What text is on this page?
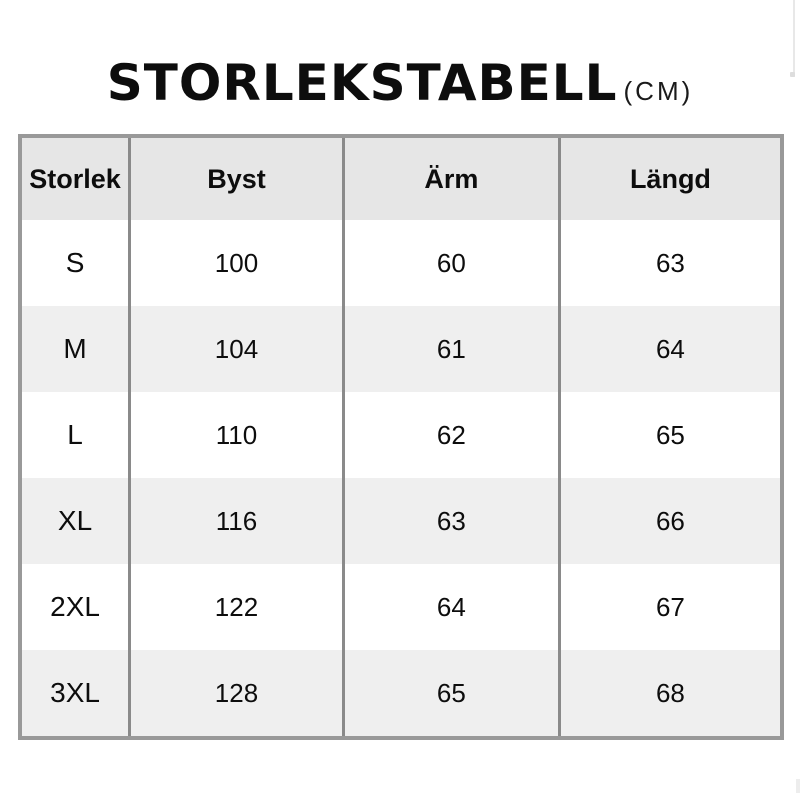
STORLEKSTABELL (CM)
Storlek	Byst	Ärm	Längd
S	100	60	63
M	104	61	64
L	110	62	65
XL	116	63	66
2XL	122	64	67
3XL	128	65	68
